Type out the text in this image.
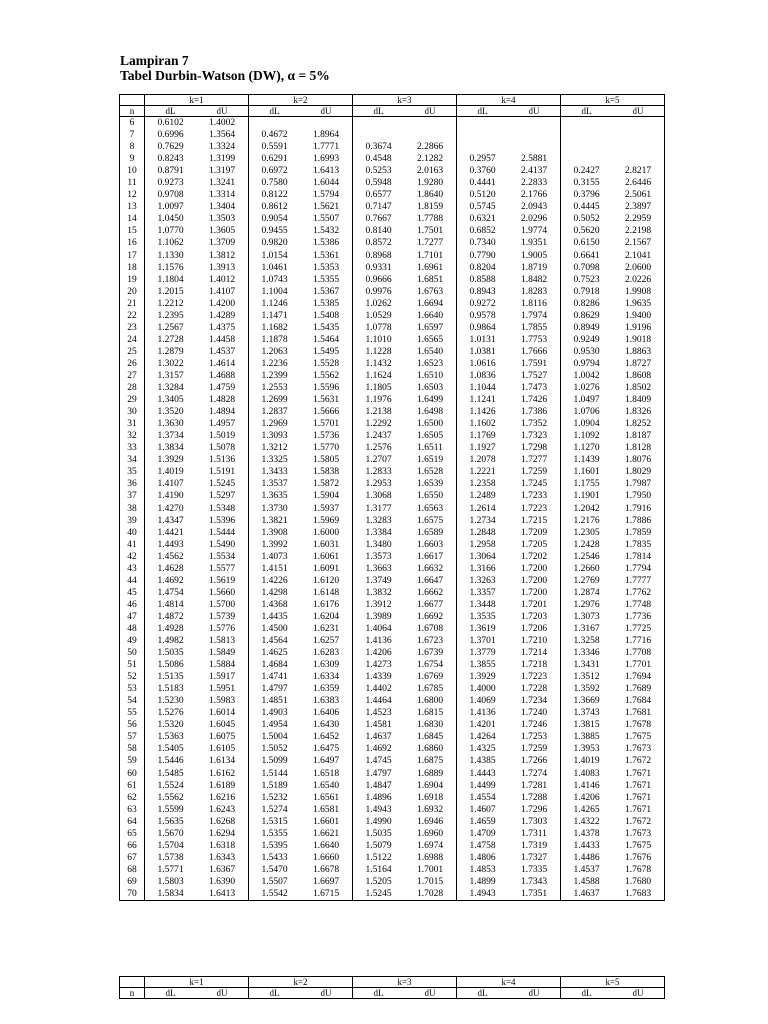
Lampiran 7
Tabel Durbin-Watson (DW), α = 5%
	k=1		k=2		k=3		k=4		k=5	
n	dL	dU	dL	dU	dL	dU	dL	dU	dL	dU
6	0.6102	1.4002								
7	0.6996	1.3564	0.4672	1.8964						
8	0.7629	1.3324	0.5591	1.7771	0.3674	2.2866				
9	0.8243	1.3199	0.6291	1.6993	0.4548	2.1282	0.2957	2.5881		
10	0.8791	1.3197	0.6972	1.6413	0.5253	2.0163	0.3760	2.4137	0.2427	2.8217
11	0.9273	1.3241	0.7580	1.6044	0.5948	1.9280	0.4441	2.2833	0.3155	2.6446
12	0.9708	1.3314	0.8122	1.5794	0.6577	1.8640	0.5120	2.1766	0.3796	2.5061
13	1.0097	1.3404	0.8612	1.5621	0.7147	1.8159	0.5745	2.0943	0.4445	2.3897
14	1.0450	1.3503	0.9054	1.5507	0.7667	1.7788	0.6321	2.0296	0.5052	2.2959
15	1.0770	1.3605	0.9455	1.5432	0.8140	1.7501	0.6852	1.9774	0.5620	2.2198
16	1.1062	1.3709	0.9820	1.5386	0.8572	1.7277	0.7340	1.9351	0.6150	2.1567
17	1.1330	1.3812	1.0154	1.5361	0.8968	1.7101	0.7790	1.9005	0.6641	2.1041
18	1.1576	1.3913	1.0461	1.5353	0.9331	1.6961	0.8204	1.8719	0.7098	2.0600
19	1.1804	1.4012	1.0743	1.5355	0.9666	1.6851	0.8588	1.8482	0.7523	2.0226
20	1.2015	1.4107	1.1004	1.5367	0.9976	1.6763	0.8943	1.8283	0.7918	1.9908
21	1.2212	1.4200	1.1246	1.5385	1.0262	1.6694	0.9272	1.8116	0.8286	1.9635
22	1.2395	1.4289	1.1471	1.5408	1.0529	1.6640	0.9578	1.7974	0.8629	1.9400
23	1.2567	1.4375	1.1682	1.5435	1.0778	1.6597	0.9864	1.7855	0.8949	1.9196
24	1.2728	1.4458	1.1878	1.5464	1.1010	1.6565	1.0131	1.7753	0.9249	1.9018
25	1.2879	1.4537	1.2063	1.5495	1.1228	1.6540	1.0381	1.7666	0.9530	1.8863
26	1.3022	1.4614	1.2236	1.5528	1.1432	1.6523	1.0616	1.7591	0.9794	1.8727
27	1.3157	1.4688	1.2399	1.5562	1.1624	1.6510	1.0836	1.7527	1.0042	1.8608
28	1.3284	1.4759	1.2553	1.5596	1.1805	1.6503	1.1044	1.7473	1.0276	1.8502
29	1.3405	1.4828	1.2699	1.5631	1.1976	1.6499	1.1241	1.7426	1.0497	1.8409
30	1.3520	1.4894	1.2837	1.5666	1.2138	1.6498	1.1426	1.7386	1.0706	1.8326
31	1.3630	1.4957	1.2969	1.5701	1.2292	1.6500	1.1602	1.7352	1.0904	1.8252
32	1.3734	1.5019	1.3093	1.5736	1.2437	1.6505	1.1769	1.7323	1.1092	1.8187
33	1.3834	1.5078	1.3212	1.5770	1.2576	1.6511	1.1927	1.7298	1.1270	1.8128
34	1.3929	1.5136	1.3325	1.5805	1.2707	1.6519	1.2078	1.7277	1.1439	1.8076
35	1.4019	1.5191	1.3433	1.5838	1.2833	1.6528	1.2221	1.7259	1.1601	1.8029
36	1.4107	1.5245	1.3537	1.5872	1.2953	1.6539	1.2358	1.7245	1.1755	1.7987
37	1.4190	1.5297	1.3635	1.5904	1.3068	1.6550	1.2489	1.7233	1.1901	1.7950
38	1.4270	1.5348	1.3730	1.5937	1.3177	1.6563	1.2614	1.7223	1.2042	1.7916
39	1.4347	1.5396	1.3821	1.5969	1.3283	1.6575	1.2734	1.7215	1.2176	1.7886
40	1.4421	1.5444	1.3908	1.6000	1.3384	1.6589	1.2848	1.7209	1.2305	1.7859
41	1.4493	1.5490	1.3992	1.6031	1.3480	1.6603	1.2958	1.7205	1.2428	1.7835
42	1.4562	1.5534	1.4073	1.6061	1.3573	1.6617	1.3064	1.7202	1.2546	1.7814
43	1.4628	1.5577	1.4151	1.6091	1.3663	1.6632	1.3166	1.7200	1.2660	1.7794
44	1.4692	1.5619	1.4226	1.6120	1.3749	1.6647	1.3263	1.7200	1.2769	1.7777
45	1.4754	1.5660	1.4298	1.6148	1.3832	1.6662	1.3357	1.7200	1.2874	1.7762
46	1.4814	1.5700	1.4368	1.6176	1.3912	1.6677	1.3448	1.7201	1.2976	1.7748
47	1.4872	1.5739	1.4435	1.6204	1.3989	1.6692	1.3535	1.7203	1.3073	1.7736
48	1.4928	1.5776	1.4500	1.6231	1.4064	1.6708	1.3619	1.7206	1.3167	1.7725
49	1.4982	1.5813	1.4564	1.6257	1.4136	1.6723	1.3701	1.7210	1.3258	1.7716
50	1.5035	1.5849	1.4625	1.6283	1.4206	1.6739	1.3779	1.7214	1.3346	1.7708
51	1.5086	1.5884	1.4684	1.6309	1.4273	1.6754	1.3855	1.7218	1.3431	1.7701
52	1.5135	1.5917	1.4741	1.6334	1.4339	1.6769	1.3929	1.7223	1.3512	1.7694
53	1.5183	1.5951	1.4797	1.6359	1.4402	1.6785	1.4000	1.7228	1.3592	1.7689
54	1.5230	1.5983	1.4851	1.6383	1.4464	1.6800	1.4069	1.7234	1.3669	1.7684
55	1.5276	1.6014	1.4903	1.6406	1.4523	1.6815	1.4136	1.7240	1.3743	1.7681
56	1.5320	1.6045	1.4954	1.6430	1.4581	1.6830	1.4201	1.7246	1.3815	1.7678
57	1.5363	1.6075	1.5004	1.6452	1.4637	1.6845	1.4264	1.7253	1.3885	1.7675
58	1.5405	1.6105	1.5052	1.6475	1.4692	1.6860	1.4325	1.7259	1.3953	1.7673
59	1.5446	1.6134	1.5099	1.6497	1.4745	1.6875	1.4385	1.7266	1.4019	1.7672
60	1.5485	1.6162	1.5144	1.6518	1.4797	1.6889	1.4443	1.7274	1.4083	1.7671
61	1.5524	1.6189	1.5189	1.6540	1.4847	1.6904	1.4499	1.7281	1.4146	1.7671
62	1.5562	1.6216	1.5232	1.6561	1.4896	1.6918	1.4554	1.7288	1.4206	1.7671
63	1.5599	1.6243	1.5274	1.6581	1.4943	1.6932	1.4607	1.7296	1.4265	1.7671
64	1.5635	1.6268	1.5315	1.6601	1.4990	1.6946	1.4659	1.7303	1.4322	1.7672
65	1.5670	1.6294	1.5355	1.6621	1.5035	1.6960	1.4709	1.7311	1.4378	1.7673
66	1.5704	1.6318	1.5395	1.6640	1.5079	1.6974	1.4758	1.7319	1.4433	1.7675
67	1.5738	1.6343	1.5433	1.6660	1.5122	1.6988	1.4806	1.7327	1.4486	1.7676
68	1.5771	1.6367	1.5470	1.6678	1.5164	1.7001	1.4853	1.7335	1.4537	1.7678
69	1.5803	1.6390	1.5507	1.6697	1.5205	1.7015	1.4899	1.7343	1.4588	1.7680
70	1.5834	1.6413	1.5542	1.6715	1.5245	1.7028	1.4943	1.7351	1.4637	1.7683
	k=1		k=2		k=3		k=4		k=5	
n	dL	dU	dL	dU	dL	dU	dL	dU	dL	dU
